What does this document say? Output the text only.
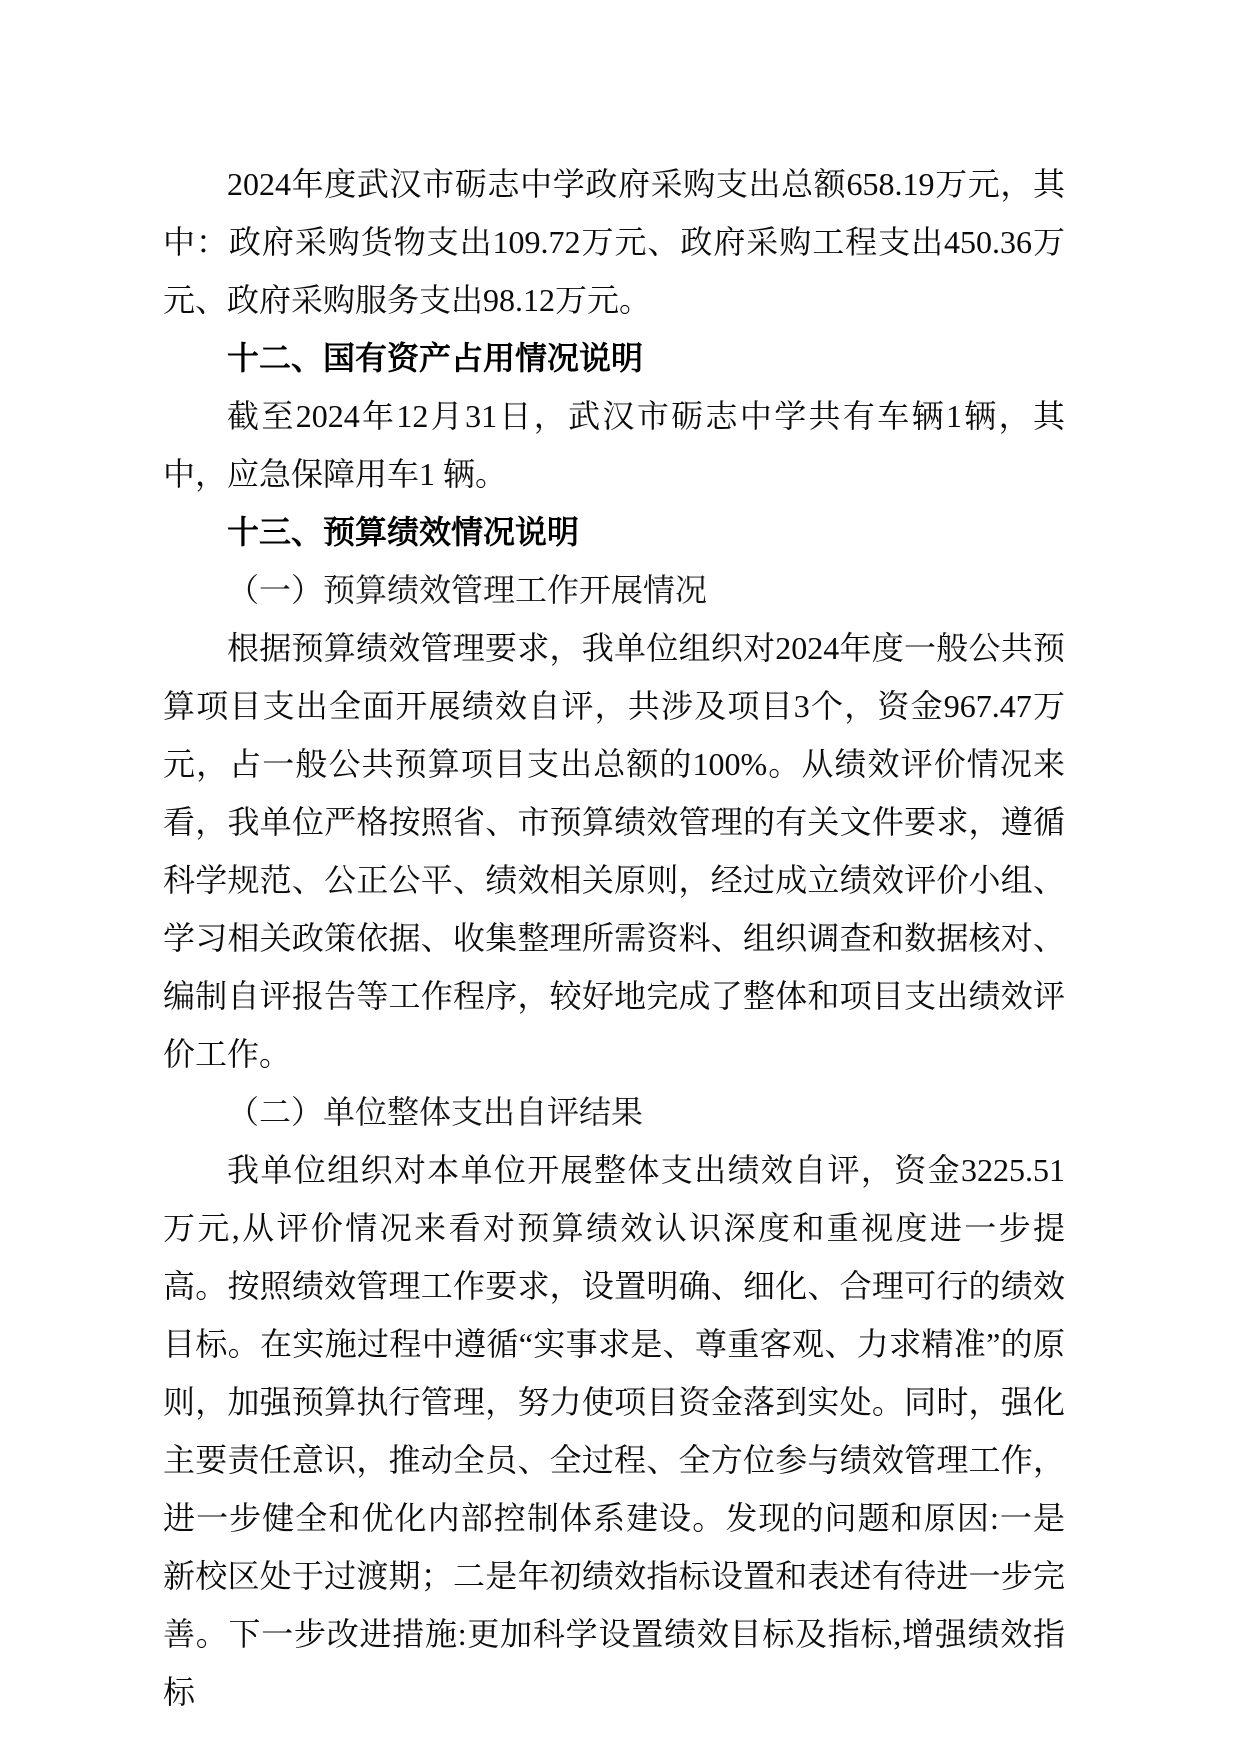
2024年度武汉市砺志中学政府采购支出总额658.19万元，其中：政府采购货物支出109.72万元、政府采购工程支出450.36万元、政府采购服务支出98.12万元。

十二、国有资产占用情况说明

截至2024年12月31日，武汉市砺志中学共有车辆1辆，其中，应急保障用车1 辆。

十三、预算绩效情况说明

（一）预算绩效管理工作开展情况

根据预算绩效管理要求，我单位组织对2024年度一般公共预算项目支出全面开展绩效自评，共涉及项目3个，资金967.47万元，占一般公共预算项目支出总额的100%。从绩效评价情况来看，我单位严格按照省、市预算绩效管理的有关文件要求，遵循科学规范、公正公平、绩效相关原则，经过成立绩效评价小组、学习相关政策依据、收集整理所需资料、组织调查和数据核对、编制自评报告等工作程序，较好地完成了整体和项目支出绩效评价工作。

（二）单位整体支出自评结果

我单位组织对本单位开展整体支出绩效自评，资金3225.51万元,从评价情况来看对预算绩效认识深度和重视度进一步提高。按照绩效管理工作要求，设置明确、细化、合理可行的绩效目标。在实施过程中遵循“实事求是、尊重客观、力求精准”的原则，加强预算执行管理，努力使项目资金落到实处。同时，强化主要责任意识，推动全员、全过程、全方位参与绩效管理工作，进一步健全和优化内部控制体系建设。发现的问题和原因:一是新校区处于过渡期；二是年初绩效指标设置和表述有待进一步完善。下一步改进措施:更加科学设置绩效目标及指标,增强绩效指标
